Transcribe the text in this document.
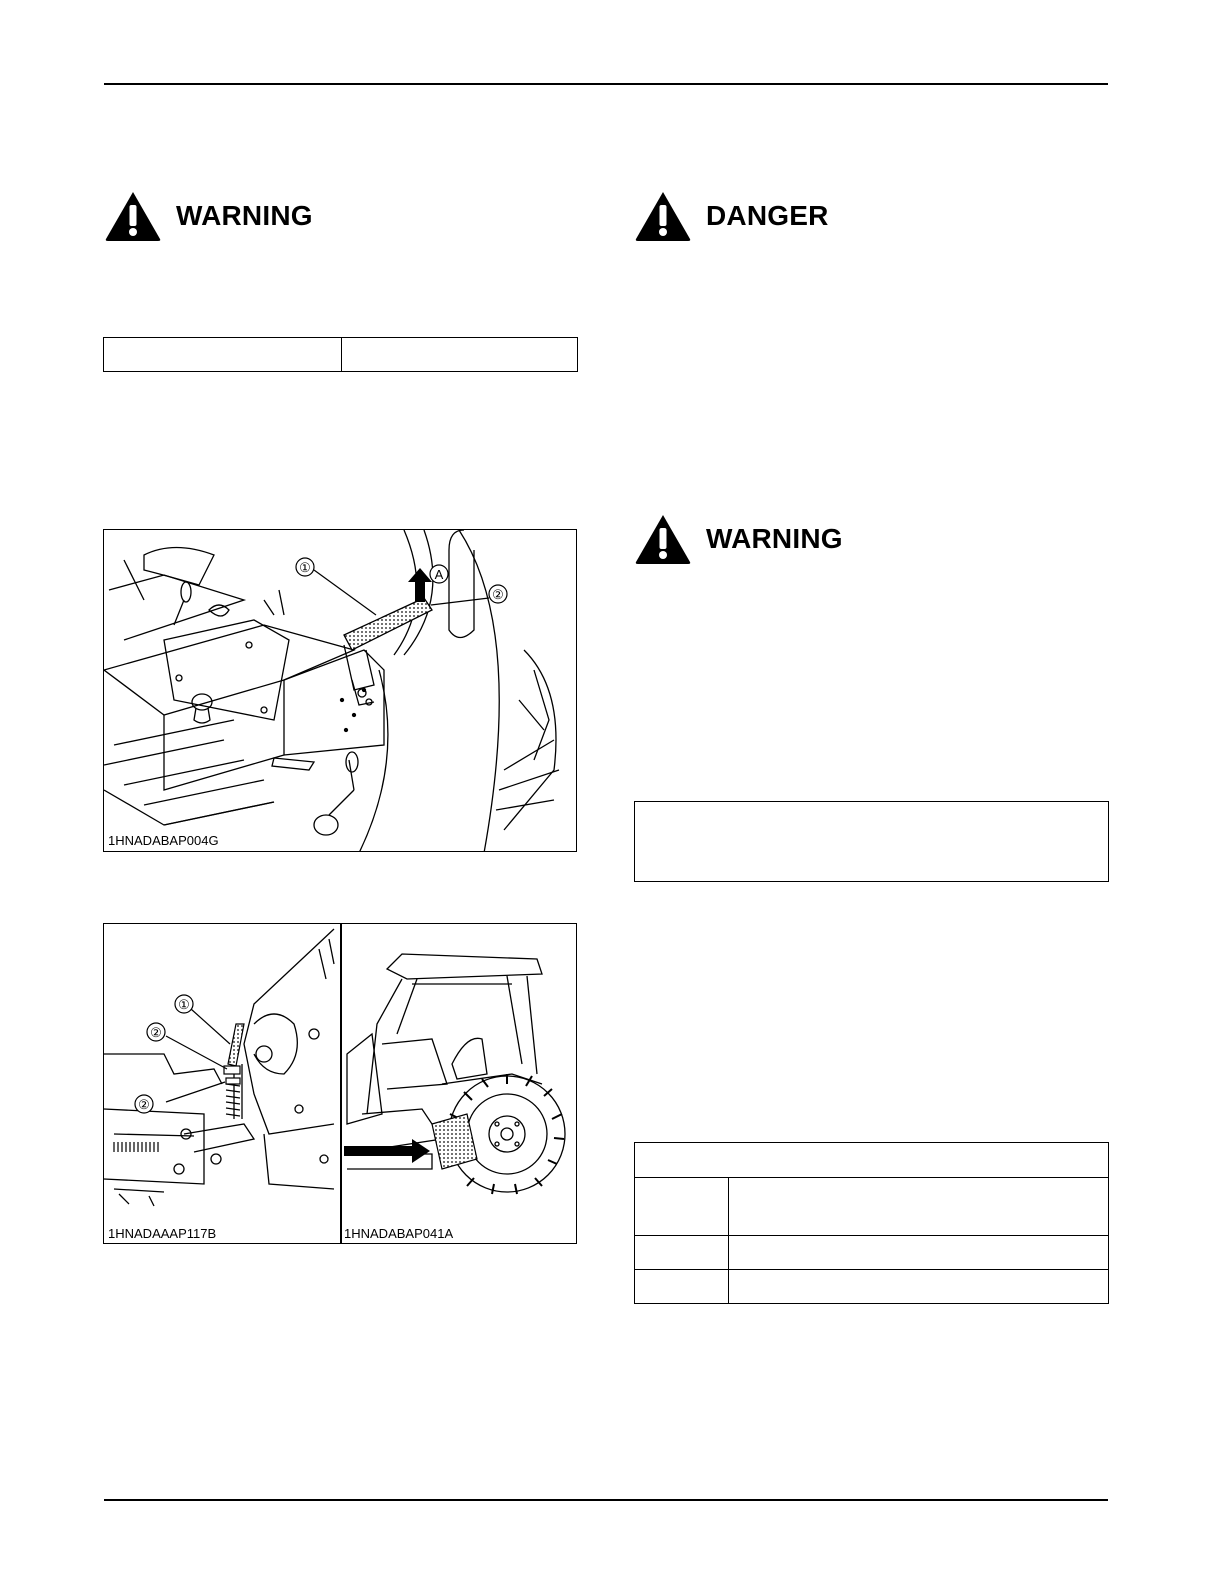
WARNING

①	A
②
1HNADABAP004G
①
②
②
1HNADAAAP117B	1HNADABAP041A
DANGER
WARNING
